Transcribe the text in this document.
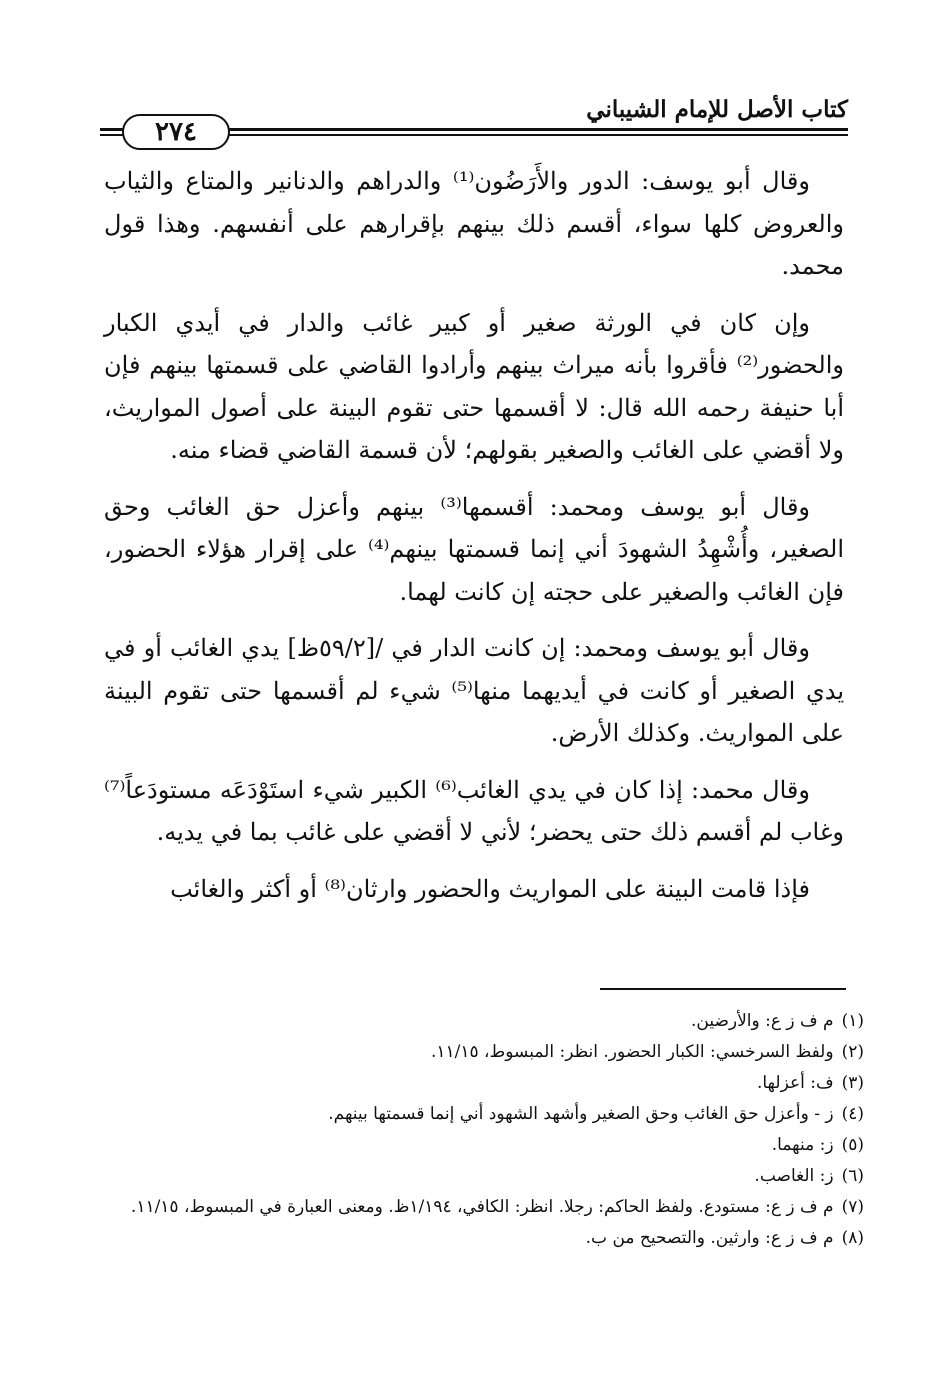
كتاب الأصل للإمام الشيباني
٢٧٤

وقال أبو يوسف: الدور والأَرَضُون⁽¹⁾ والدراهم والدنانير والمتاع والثياب والعروض كلها سواء، أقسم ذلك بينهم بإقرارهم على أنفسهم. وهذا قول محمد.

وإن كان في الورثة صغير أو كبير غائب والدار في أيدي الكبار والحضور⁽²⁾ فأقروا بأنه ميراث بينهم وأرادوا القاضي على قسمتها بينهم فإن أبا حنيفة رحمه الله قال: لا أقسمها حتى تقوم البينة على أصول المواريث، ولا أقضي على الغائب والصغير بقولهم؛ لأن قسمة القاضي قضاء منه.

وقال أبو يوسف ومحمد: أقسمها⁽³⁾ بينهم وأعزل حق الغائب وحق الصغير، وأُشْهِدُ الشهودَ أني إنما قسمتها بينهم⁽⁴⁾ على إقرار هؤلاء الحضور، فإن الغائب والصغير على حجته إن كانت لهما.

وقال أبو يوسف ومحمد: إن كانت الدار في /[٥٩/٢ظ] يدي الغائب أو في يدي الصغير أو كانت في أيديهما منها⁽⁵⁾ شيء لم أقسمها حتى تقوم البينة على المواريث. وكذلك الأرض.

وقال محمد: إذا كان في يدي الغائب⁽⁶⁾ الكبير شيء استَوْدَعَه مستودَعاً⁽⁷⁾ وغاب لم أقسم ذلك حتى يحضر؛ لأني لا أقضي على غائب بما في يديه.

فإذا قامت البينة على المواريث والحضور وارثان⁽⁸⁾ أو أكثر والغائب

(١)
م ف ز ع: والأرضين.
(٢)
ولفظ السرخسي: الكبار الحضور. انظر: المبسوط، ١١/١٥.
(٣)
ف: أعزلها.
(٤)
ز - وأعزل حق الغائب وحق الصغير وأشهد الشهود أني إنما قسمتها بينهم.
(٥)
ز: منهما.
(٦)
ز: الغاصب.
(٧)
م ف ز ع: مستودع. ولفظ الحاكم: رجلا. انظر: الكافي، ١/١٩٤ظ. ومعنى العبارة في المبسوط، ١١/١٥.
(٨)
م ف ز ع: وارثين. والتصحيح من ب.
